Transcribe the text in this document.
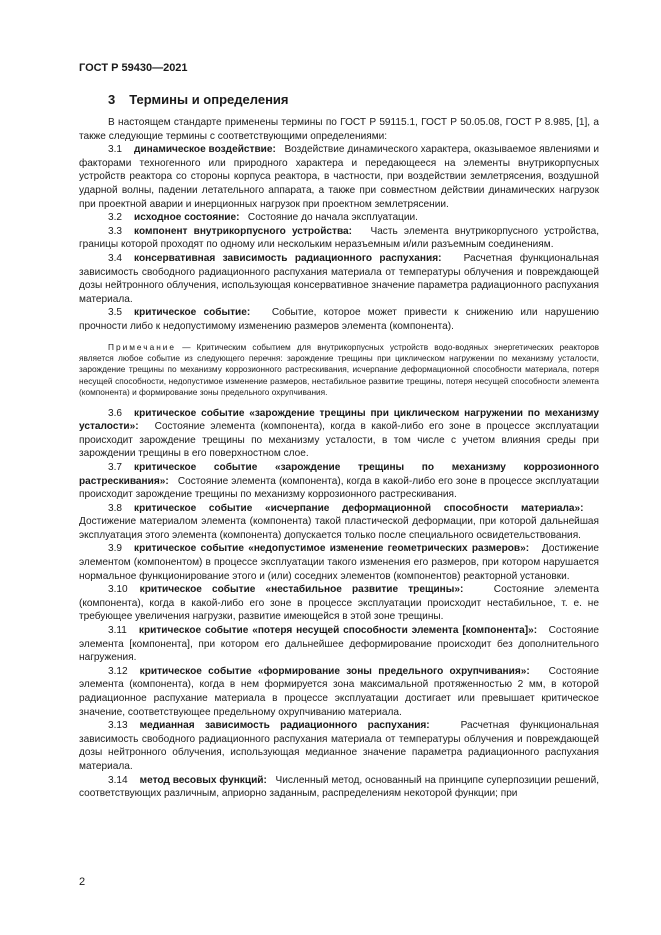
ГОСТ Р 59430—2021
3 Термины и определения

В настоящем стандарте применены термины по ГОСТ Р 59115.1, ГОСТ Р 50.05.08, ГОСТ Р 8.985, [1], а также следующие термины с соответствующими определениями:

3.1 динамическое воздействие: Воздействие динамического характера, оказываемое явлениями и факторами техногенного или природного характера и передающееся на элементы внутрикорпусных устройств реактора со стороны корпуса реактора, в частности, при воздействии землетрясения, воздушной ударной волны, падении летательного аппарата, а также при совместном действии динамических нагрузок при проектной аварии и инерционных нагрузок при проектном землетрясении.

3.2 исходное состояние: Состояние до начала эксплуатации.

3.3 компонент внутрикорпусного устройства: Часть элемента внутрикорпусного устройства, границы которой проходят по одному или нескольким неразъемным и/или разъемным соединениям.

3.4 консервативная зависимость радиационного распухания: Расчетная функциональная зависимость свободного радиационного распухания материала от температуры облучения и повреждающей дозы нейтронного облучения, использующая консервативное значение параметра радиационного распухания материала.

3.5 критическое событие: Событие, которое может привести к снижению или нарушению прочности либо к недопустимому изменению размеров элемента (компонента).

Примечание — Критическим событием для внутрикорпусных устройств водо-водяных энергетических реакторов является любое событие из следующего перечня: зарождение трещины при циклическом нагружении по механизму усталости, зарождение трещины по механизму коррозионного растрескивания, исчерпание деформационной способности материала, потеря несущей способности, недопустимое изменение размеров, нестабильное развитие трещины, потеря несущей способности элемента (компонента) и формирование зоны предельного охрупчивания.

3.6 критическое событие «зарождение трещины при циклическом нагружении по механизму усталости»: Состояние элемента (компонента), когда в какой-либо его зоне в процессе эксплуатации происходит зарождение трещины по механизму усталости, в том числе с учетом влияния среды при зарождении трещины в его поверхностном слое.

3.7 критическое событие «зарождение трещины по механизму коррозионного растрескивания»: Состояние элемента (компонента), когда в какой-либо его зоне в процессе эксплуатации происходит зарождение трещины по механизму коррозионного растрескивания.

3.8 критическое событие «исчерпание деформационной способности материала»:   Достижение материалом элемента (компонента) такой пластической деформации, при которой дальнейшая эксплуатация этого элемента (компонента) допускается только после специального освидетельствования.

3.9 критическое событие «недопустимое изменение геометрических размеров»: Достижение элементом (компонентом) в процессе эксплуатации такого изменения его размеров, при котором нарушается нормальное функционирование этого и (или) соседних элементов (компонентов) реакторной установки.

3.10 критическое событие «нестабильное развитие трещины»:	Состояние элемента (компонента), когда в какой-либо его зоне в процессе эксплуатации происходит нестабильное, т. е. не требующее увеличения нагрузки, развитие имеющейся в этой зоне трещины.

3.11 критическое событие «потеря несущей способности элемента [компонента]»: Состояние элемента [компонента], при котором его дальнейшее деформирование происходит без дополнительного нагружения.

3.12 критическое событие «формирование зоны предельного охрупчивания»: Состояние элемента (компонента), когда в нем формируется зона максимальной протяженностью 2 мм, в которой радиационное распухание материала в процессе эксплуатации достигает или превышает критическое значение, соответствующее предельному охрупчиванию материала.

3.13 медианная зависимость радиационного распухания:	Расчетная функциональная зависимость свободного радиационного распухания материала от температуры облучения и повреждающей дозы нейтронного облучения, использующая медианное значение параметра радиационного распухания материала.

3.14 метод весовых функций: Численный метод, основанный на принципе суперпозиции решений, соответствующих различным, априорно заданным, распределениям некоторой функции; при

2
